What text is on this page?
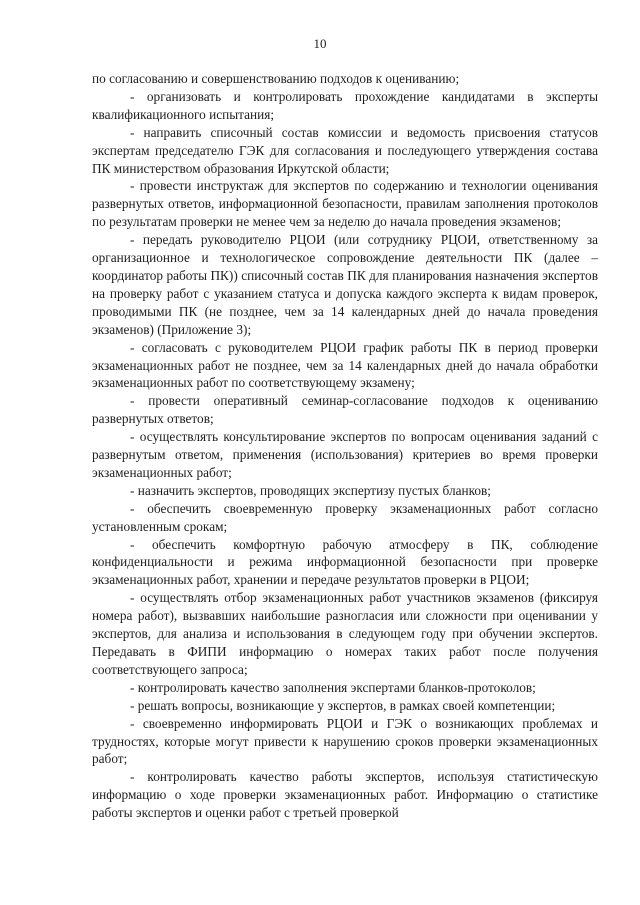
10

по согласованию и совершенствованию подходов к оцениванию;

- организовать и контролировать прохождение кандидатами в эксперты квалификационного испытания;

- направить списочный состав комиссии и ведомость присвоения статусов экспертам председателю ГЭК для согласования и последующего утверждения состава ПК министерством образования Иркутской области;

- провести инструктаж для экспертов по содержанию и технологии оценивания развернутых ответов, информационной безопасности, правилам заполнения протоколов по результатам проверки не менее чем за неделю до начала проведения экзаменов;

- передать руководителю РЦОИ (или сотруднику РЦОИ, ответственному за организационное и технологическое сопровождение деятельности ПК (далее – координатор работы ПК)) списочный состав ПК для планирования назначения экспертов на проверку работ с указанием статуса и допуска каждого эксперта к видам проверок, проводимыми ПК (не позднее, чем за 14 календарных дней до начала проведения экзаменов) (Приложение 3);

- согласовать с руководителем РЦОИ график работы ПК в период проверки экзаменационных работ не позднее, чем за 14 календарных дней до начала обработки экзаменационных работ по соответствующему экзамену;

- провести оперативный семинар-согласование подходов к оцениванию развернутых ответов;

- осуществлять консультирование экспертов по вопросам оценивания заданий с развернутым ответом, применения (использования) критериев во время проверки экзаменационных работ;

- назначить экспертов, проводящих экспертизу пустых бланков;

- обеспечить своевременную проверку экзаменационных работ согласно установленным срокам;

- обеспечить комфортную рабочую атмосферу в ПК, соблюдение конфиденциальности и режима информационной безопасности при проверке экзаменационных работ, хранении и передаче результатов проверки в РЦОИ;

- осуществлять отбор экзаменационных работ участников экзаменов (фиксируя номера работ), вызвавших наибольшие разногласия или сложности при оценивании у экспертов, для анализа и использования в следующем году при обучении экспертов. Передавать в ФИПИ информацию о номерах таких работ после получения соответствующего запроса;

- контролировать качество заполнения экспертами бланков-протоколов;

- решать вопросы, возникающие у экспертов, в рамках своей компетенции;

- своевременно информировать РЦОИ и ГЭК о возникающих проблемах и трудностях, которые могут привести к нарушению сроков проверки экзаменационных работ;

- контролировать качество работы экспертов, используя статистическую информацию о ходе проверки экзаменационных работ. Информацию о статистике работы экспертов и оценки работ с третьей проверкой
